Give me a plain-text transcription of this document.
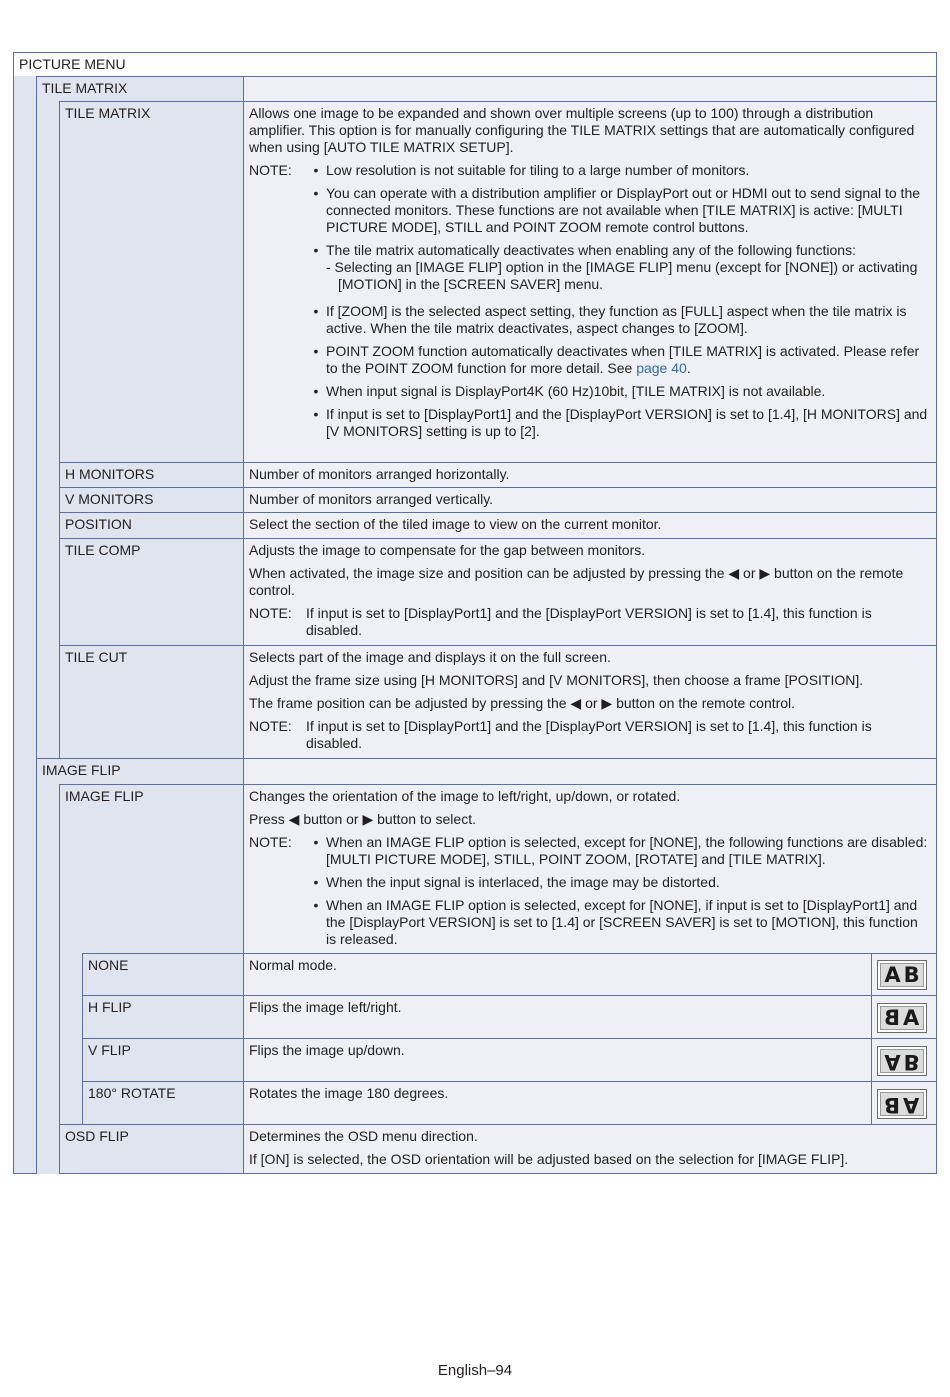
PICTURE MENU
TILE MATRIX
TILE MATRIX	Allows one image to be expanded and shown over multiple screens (up to 100) through a distribution amplifier. This option is for manually configuring the TILE MATRIX settings that are automatically configured when using [AUTO TILE MATRIX SETUP].

NOTE:	• Low resolution is not suitable for tiling to a large number of monitors.
• You can operate with a distribution amplifier or DisplayPort out or HDMI out to send signal to the connected monitors. These functions are not available when [TILE MATRIX] is active: [MULTI PICTURE MODE], STILL and POINT ZOOM remote control buttons.
• The tile matrix automatically deactivates when enabling any of the following functions:
- Selecting an [IMAGE FLIP] option in the [IMAGE FLIP] menu (except for [NONE]) or activating [MOTION] in the [SCREEN SAVER] menu.
• If [ZOOM] is the selected aspect setting, they function as [FULL] aspect when the tile matrix is active. When the tile matrix deactivates, aspect changes to [ZOOM].
• POINT ZOOM function automatically deactivates when [TILE MATRIX] is activated. Please refer to the POINT ZOOM function for more detail. See page 40.
• When input signal is DisplayPort4K (60 Hz)10bit, [TILE MATRIX] is not available.
• If input is set to [DisplayPort1] and the [DisplayPort VERSION] is set to [1.4], [H MONITORS] and [V MONITORS] setting is up to [2].
H MONITORS	Number of monitors arranged horizontally.
V MONITORS	Number of monitors arranged vertically.
POSITION	Select the section of the tiled image to view on the current monitor.
TILE COMP	Adjusts the image to compensate for the gap between monitors.

When activated, the image size and position can be adjusted by pressing the ◀ or ▶ button on the remote control.

NOTE:	If input is set to [DisplayPort1] and the [DisplayPort VERSION] is set to [1.4], this function is disabled.
TILE CUT	Selects part of the image and displays it on the full screen.

Adjust the frame size using [H MONITORS] and [V MONITORS], then choose a frame [POSITION].

The frame position can be adjusted by pressing the ◀ or ▶ button on the remote control.

NOTE:	If input is set to [DisplayPort1] and the [DisplayPort VERSION] is set to [1.4], this function is disabled.
IMAGE FLIP
IMAGE FLIP	Changes the orientation of the image to left/right, up/down, or rotated.

Press ◀ button or ▶ button to select.

NOTE:	• When an IMAGE FLIP option is selected, except for [NONE], the following functions are disabled: [MULTI PICTURE MODE], STILL, POINT ZOOM, [ROTATE] and [TILE MATRIX].
• When the input signal is interlaced, the image may be distorted.
• When an IMAGE FLIP option is selected, except for [NONE], if input is set to [DisplayPort1] and the [DisplayPort VERSION] is set to [1.4] or [SCREEN SAVER] is set to [MOTION], this function is released.
NONE	Normal mode.	A B
H FLIP	Flips the image left/right.	B A
V FLIP	Flips the image up/down.	A B
180° ROTATE	Rotates the image 180 degrees.	B A
OSD FLIP	Determines the OSD menu direction.

If [ON] is selected, the OSD orientation will be adjusted based on the selection for [IMAGE FLIP].

English–94
